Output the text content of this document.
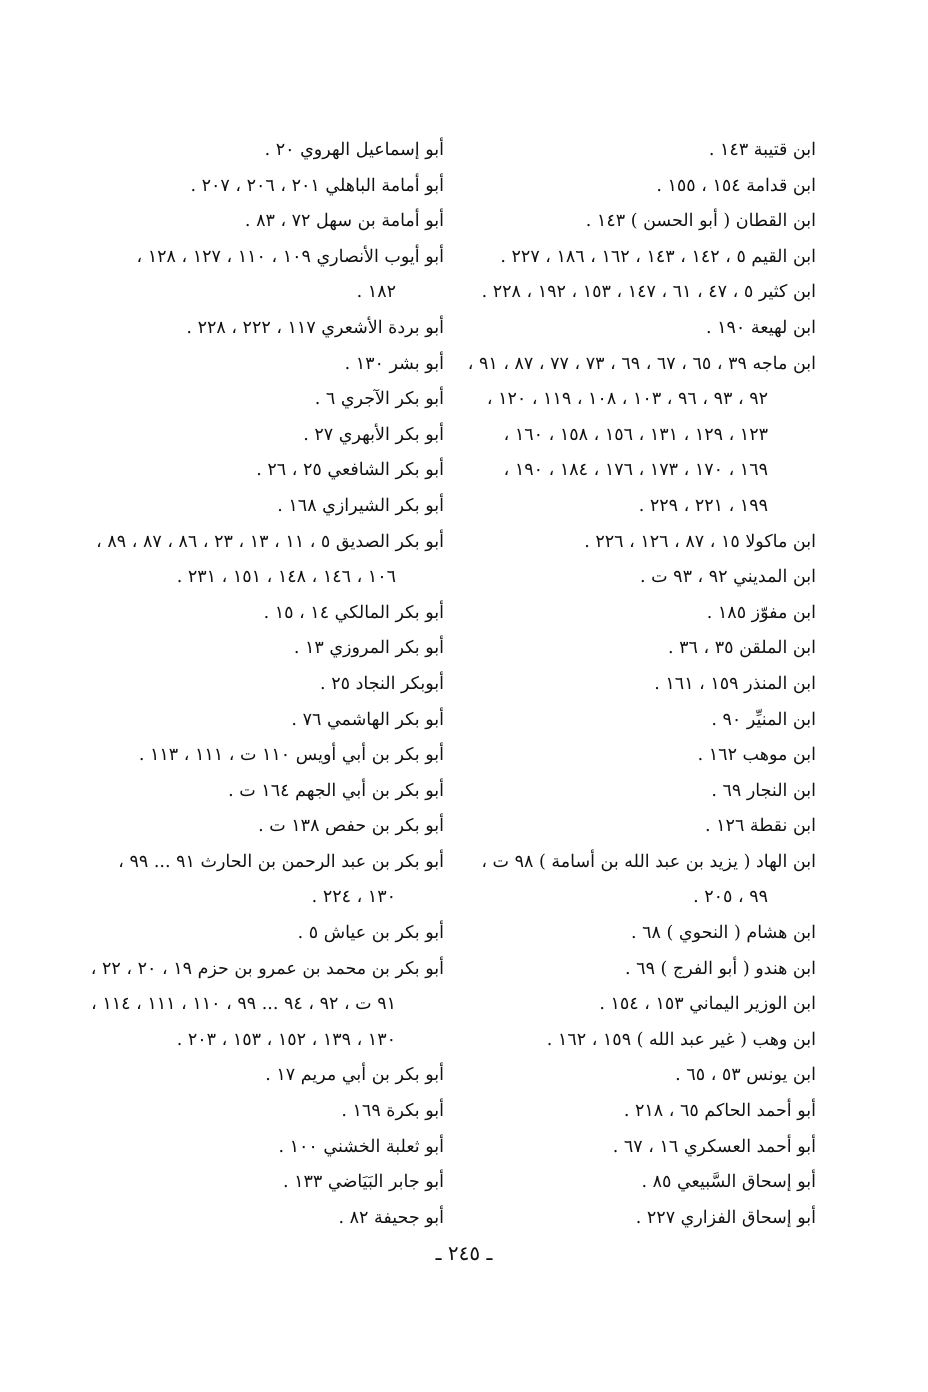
ابن قتيبة ١٤٣ .
ابن قدامة ١٥٤ ، ١٥٥ .
ابن القطان ( أبو الحسن ) ١٤٣ .
ابن القيم ٥ ، ١٤٢ ، ١٤٣ ، ١٦٢ ، ١٨٦ ، ٢٢٧ .
ابن كثير ٥ ، ٤٧ ، ٦١ ، ١٤٧ ، ١٥٣ ، ١٩٢ ، ٢٢٨ .
ابن لهيعة ١٩٠ .
ابن ماجه ٣٩ ، ٦٥ ، ٦٧ ، ٦٩ ، ٧٣ ، ٧٧ ، ٨٧ ، ٩١ ،
٩٢ ، ٩٣ ، ٩٦ ، ١٠٣ ، ١٠٨ ، ١١٩ ، ١٢٠ ،
١٢٣ ، ١٢٩ ، ١٣١ ، ١٥٦ ، ١٥٨ ، ١٦٠ ،
١٦٩ ، ١٧٠ ، ١٧٣ ، ١٧٦ ، ١٨٤ ، ١٩٠ ،
١٩٩ ، ٢٢١ ، ٢٢٩ .
ابن ماكولا ١٥ ، ٨٧ ، ١٢٦ ، ٢٢٦ .
ابن المديني ٩٢ ، ٩٣ ت .
ابن مفوّز ١٨٥ .
ابن الملقن ٣٥ ، ٣٦ .
ابن المنذر ١٥٩ ، ١٦١ .
ابن المنيِّر ٩٠ .
ابن موهب ١٦٢ .
ابن النجار ٦٩ .
ابن نقطة ١٢٦ .
ابن الهاد ( يزيد بن عبد الله بن أسامة ) ٩٨ ت ،
٩٩ ، ٢٠٥ .
ابن هشام ( النحوي ) ٦٨ .
ابن هندو ( أبو الفرج ) ٦٩ .
ابن الوزير اليماني ١٥٣ ، ١٥٤ .
ابن وهب ( غير عبد الله ) ١٥٩ ، ١٦٢ .
ابن يونس ٥٣ ، ٦٥ .
أبو أحمد الحاكم ٦٥ ، ٢١٨ .
أبو أحمد العسكري ١٦ ، ٦٧ .
أبو إسحاق السَّبيعي ٨٥ .
أبو إسحاق الفزاري ٢٢٧ .
أبو إسماعيل الهروي ٢٠ .
أبو أمامة الباهلي ٢٠١ ، ٢٠٦ ، ٢٠٧ .
أبو أمامة بن سهل ٧٢ ، ٨٣ .
أبو أيوب الأنصاري ١٠٩ ، ١١٠ ، ١٢٧ ، ١٢٨ ،
١٨٢ .
أبو بردة الأشعري ١١٧ ، ٢٢٢ ، ٢٢٨ .
أبو بشر ١٣٠ .
أبو بكر الآجري ٦ .
أبو بكر الأبهري ٢٧ .
أبو بكر الشافعي ٢٥ ، ٢٦ .
أبو بكر الشيرازي ١٦٨ .
أبو بكر الصديق ٥ ، ١١ ، ١٣ ، ٢٣ ، ٨٦ ، ٨٧ ، ٨٩ ،
١٠٦ ، ١٤٦ ، ١٤٨ ، ١٥١ ، ٢٣١ .
أبو بكر المالكي ١٤ ، ١٥ .
أبو بكر المروزي ١٣ .
أبوبكر النجاد ٢٥ .
أبو بكر الهاشمي ٧٦ .
أبو بكر بن أبي أويس ١١٠ ت ، ١١١ ، ١١٣ .
أبو بكر بن أبي الجهم ١٦٤ ت .
أبو بكر بن حفص ١٣٨ ت .
أبو بكر بن عبد الرحمن بن الحارث ٩١ ... ٩٩ ،
١٣٠ ، ٢٢٤ .
أبو بكر بن عياش ٥ .
أبو بكر بن محمد بن عمرو بن حزم ١٩ ، ٢٠ ، ٢٢ ،
٩١ ت ، ٩٢ ، ٩٤ ... ٩٩ ، ١١٠ ، ١١١ ، ١١٤ ،
١٣٠ ، ١٣٩ ، ١٥٢ ، ١٥٣ ، ٢٠٣ .
أبو بكر بن أبي مريم ١٧ .
أبو بكرة ١٦٩ .
أبو ثعلبة الخشني ١٠٠ .
أبو جابر البَيَاضي ١٣٣ .
أبو جحيفة ٨٢ .
ـ ٢٤٥ ـ
